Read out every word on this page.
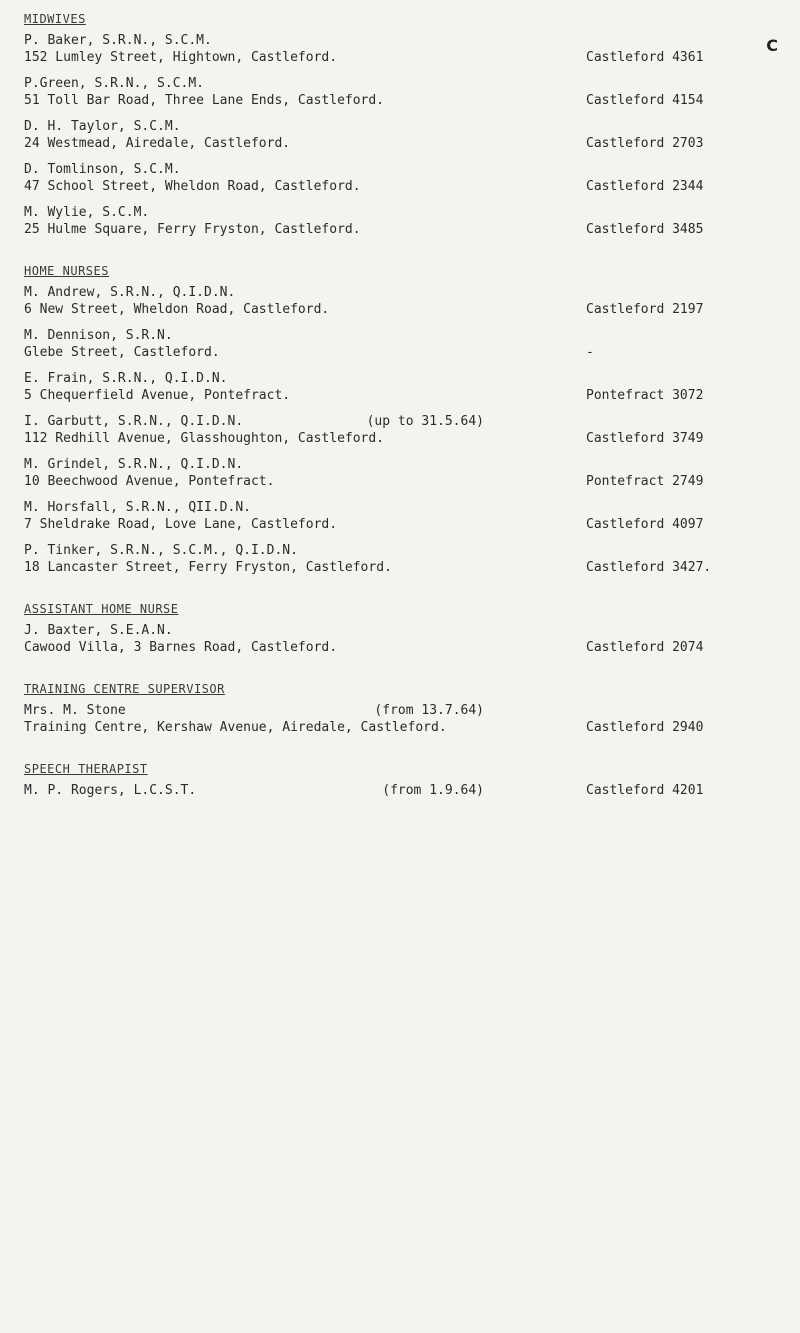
C
MIDWIVES
P. Baker, S.R.N., S.C.M.
152 Lumley Street, Hightown, Castleford.	Castleford 4361
P.Green, S.R.N., S.C.M.
51 Toll Bar Road, Three Lane Ends, Castleford.	Castleford 4154
D. H. Taylor, S.C.M.
24 Westmead, Airedale, Castleford.	Castleford 2703
D. Tomlinson, S.C.M.
47 School Street, Wheldon Road, Castleford.	Castleford 2344
M. Wylie, S.C.M.
25 Hulme Square, Ferry Fryston, Castleford.	Castleford 3485
HOME NURSES
M. Andrew, S.R.N., Q.I.D.N.
6 New Street, Wheldon Road, Castleford.	Castleford 2197
M. Dennison, S.R.N.
Glebe Street, Castleford.	-
E. Frain, S.R.N., Q.I.D.N.
5 Chequerfield Avenue, Pontefract.	Pontefract 3072
I. Garbutt, S.R.N., Q.I.D.N.	(up to 31.5.64)
112 Redhill Avenue, Glasshoughton, Castleford.	Castleford 3749
M. Grindel, S.R.N., Q.I.D.N.
10 Beechwood Avenue, Pontefract.	Pontefract 2749
M. Horsfall, S.R.N., QII.D.N.
7 Sheldrake Road, Love Lane, Castleford.	Castleford 4097
P. Tinker, S.R.N., S.C.M., Q.I.D.N.
18 Lancaster Street, Ferry Fryston, Castleford.	Castleford 3427.
ASSISTANT HOME NURSE
J. Baxter, S.E.A.N.
Cawood Villa, 3 Barnes Road, Castleford.	Castleford 2074
TRAINING CENTRE SUPERVISOR
Mrs. M. Stone	(from 13.7.64)
Training Centre, Kershaw Avenue, Airedale, Castleford.	Castleford 2940
SPEECH THERAPIST
M. P. Rogers, L.C.S.T.	(from 1.9.64)	Castleford 4201
